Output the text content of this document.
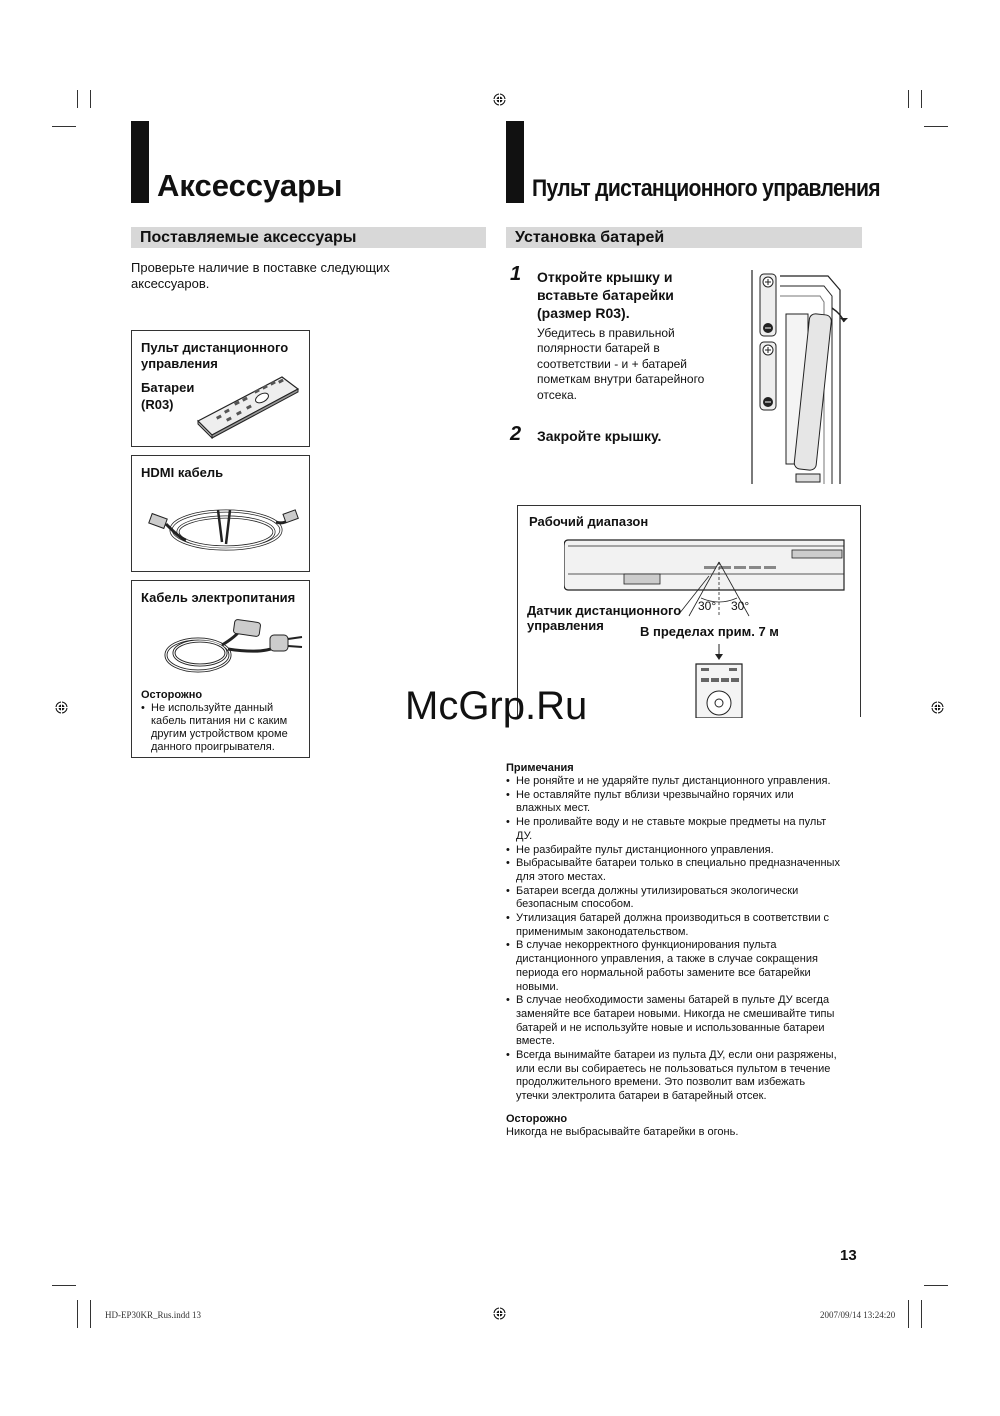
Аксессуары
Поставляемые аксессуары
Проверьте наличие в поставке следующих
аксессуаров.
Пульт дистанционного
управления
Батареи
(R03)
HDMI кабель
Кабель электропитания
Осторожно
• Не используйте данный
кабель питания ни с каким
другим устройством кроме
данного проигрывателя.
Пульт дистанционного управления
Установка батарей
1 Откройте крышку и
вставьте батарейки
(размер R03).
Убедитесь в правильной
полярности батарей в
соответствии - и + батарей
пометкам внутри батарейного
отсека.
2 Закройте крышку.
Рабочий диапазон
30° 30°
Датчик дистанционного
управления	В пределах прим. 7 м
Примечания
• Не роняйте и не ударяйте пульт дистанционного управления.
• Не оставляйте пульт вблизи чрезвычайно горячих или
влажных мест.
• Не проливайте воду и не ставьте мокрые предметы на пульт
ДУ.
• Не разбирайте пульт дистанционного управления.
• Выбрасывайте батареи только в специально предназначенных
для этого местах.
• Батареи всегда должны утилизироваться экологически
безопасным способом.
• Утилизация батарей должна производиться в соответствии с
применимым законодательством.
• В случае некорректного функционирования пульта
дистанционного управления, а также в случае сокращения
периода его нормальной работы замените все батарейки
новыми.
• В случае необходимости замены батарей в пульте ДУ всегда
заменяйте все батареи новыми. Никогда не смешивайте типы
батарей и не используйте новые и использованные батареи
вместе.
• Всегда вынимайте батареи из пульта ДУ, если они разряжены,
или если вы собираетесь не пользоваться пультом в течение
продолжительного времени. Это позволит вам избежать
утечки электролита батареи в батарейный отсек.
Осторожно
Никогда не выбрасывайте батарейки в огонь.
McGrp.Ru
13
HD-EP30KR_Rus.indd 13	2007/09/14 13:24:20
